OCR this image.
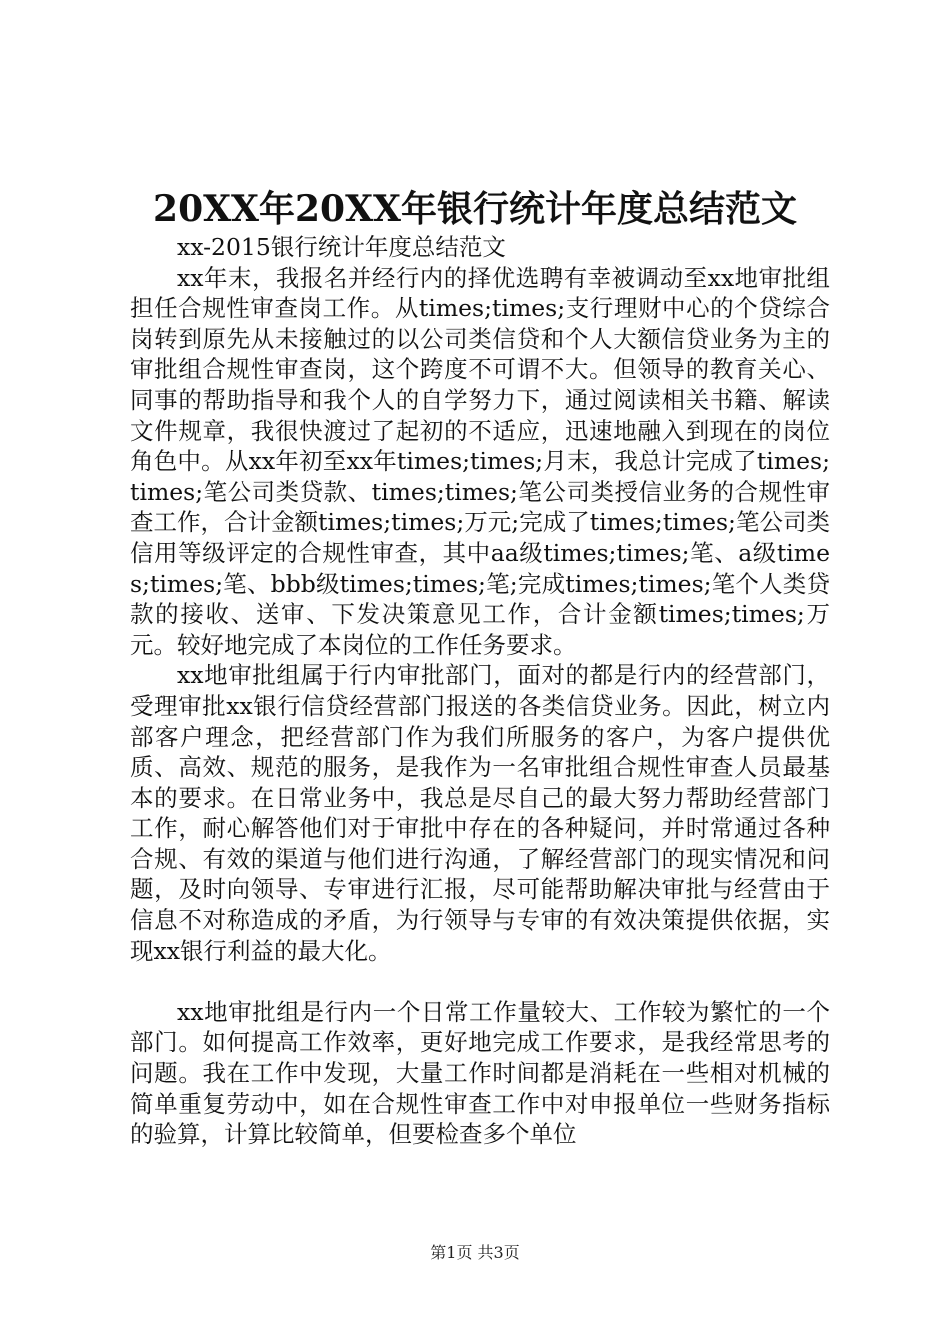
20XX年20XX年银行统计年度总结范文

xx-2015银行统计年度总结范文

xx年末，我报名并经行内的择优选聘有幸被调动至xx地审批组担任合规性审查岗工作。从times;times;支行理财中心的个贷综合岗转到原先从未接触过的以公司类信贷和个人大额信贷业务为主的审批组合规性审查岗，这个跨度不可谓不大。但领导的教育关心、同事的帮助指导和我个人的自学努力下，通过阅读相关书籍、解读文件规章，我很快渡过了起初的不适应，迅速地融入到现在的岗位角色中。从xx年初至xx年times;times;月末，我总计完成了times;times;笔公司类贷款、times;times;笔公司类授信业务的合规性审查工作，合计金额times;times;万元;完成了times;times;笔公司类信用等级评定的合规性审查，其中aa级times;times;笔、a级times;times;笔、bbb级times;times;笔;完成times;times;笔个人类贷款的接收、送审、下发决策意见工作，合计金额times;times;万元。较好地完成了本岗位的工作任务要求。

xx地审批组属于行内审批部门，面对的都是行内的经营部门，受理审批xx银行信贷经营部门报送的各类信贷业务。因此，树立内部客户理念，把经营部门作为我们所服务的客户，为客户提供优质、高效、规范的服务，是我作为一名审批组合规性审查人员最基本的要求。在日常业务中，我总是尽自己的最大努力帮助经营部门工作，耐心解答他们对于审批中存在的各种疑问，并时常通过各种合规、有效的渠道与他们进行沟通，了解经营部门的现实情况和问题，及时向领导、专审进行汇报，尽可能帮助解决审批与经营由于信息不对称造成的矛盾，为行领导与专审的有效决策提供依据，实现xx银行利益的最大化。

xx地审批组是行内一个日常工作量较大、工作较为繁忙的一个部门。如何提高工作效率，更好地完成工作要求，是我经常思考的问题。我在工作中发现，大量工作时间都是消耗在一些相对机械的简单重复劳动中，如在合规性审查工作中对申报单位一些财务指标的验算，计算比较简单，但要检查多个单位

第1页 共3页
